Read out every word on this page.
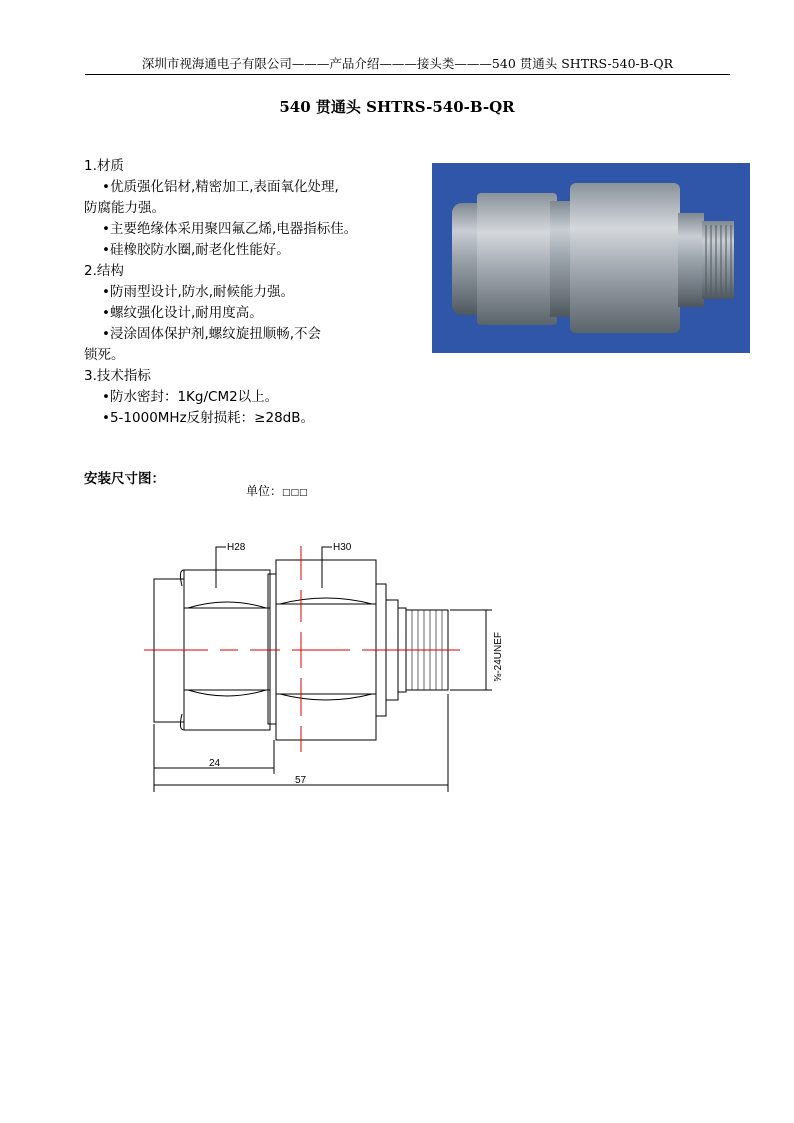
深圳市视海通电子有限公司———产品介绍———接头类———540 贯通头 SHTRS-540-B-QR
540 贯通头 SHTRS-540-B-QR
1.材质
•优质强化铝材,精密加工,表面氧化处理,
防腐能力强。
•主要绝缘体采用聚四氟乙烯,电器指标佳。
•硅橡胶防水圈,耐老化性能好。
2.结构
•防雨型设计,防水,耐候能力强。
•螺纹强化设计,耐用度高。
•浸涂固体保护剂,螺纹旋扭顺畅,不会
锁死。
3.技术指标
•防水密封：1Kg/CM2以上。
•5-1000MHz反射损耗：≥28dB。
安装尺寸图：
单位：□□□
H28	H30
24
57
⅝-24UNEF
